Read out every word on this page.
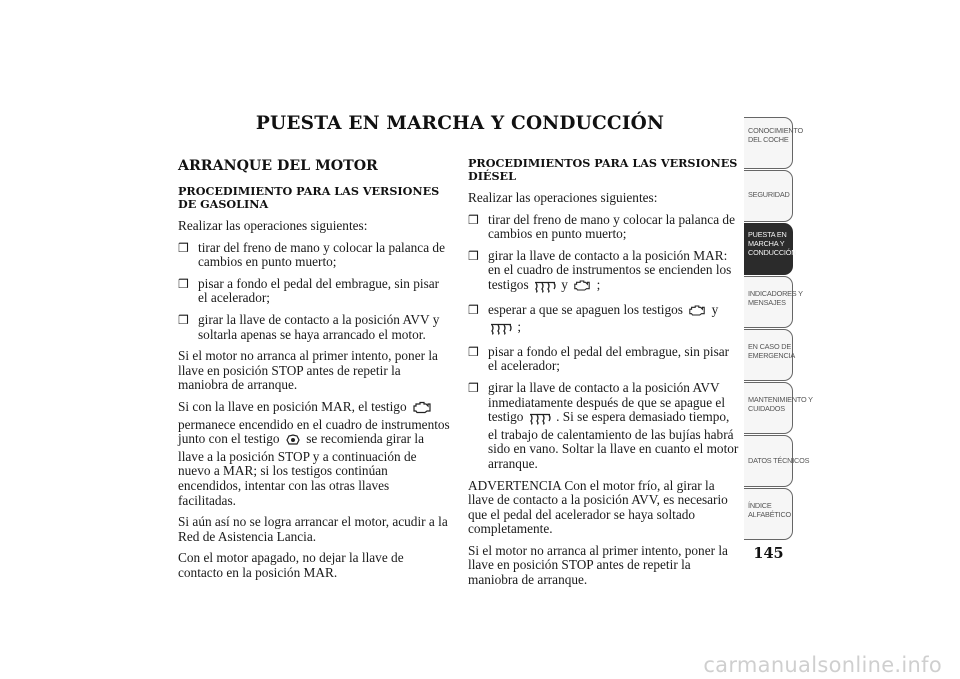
PUESTA EN MARCHA Y CONDUCCIÓN
ARRANQUE DEL MOTOR
PROCEDIMIENTO PARA LAS VERSIONES DE GASOLINA
Realizar las operaciones siguientes:
❒ tirar del freno de mano y colocar la palanca de cambios en punto muerto;
❒ pisar a fondo el pedal del embrague, sin pisar el acelerador;
❒ girar la llave de contacto a la posición AVV y soltarla apenas se haya arrancado el motor.
Si el motor no arranca al primer intento, poner la llave en posición STOP antes de repetir la maniobra de arranque.
Si con la llave en posición MAR, el testigo  permanece encendido en el cuadro de instrumentos junto con el testigo se recomienda girar la llave a la posición STOP y a continuación de nuevo a MAR; si los testigos continúan encendidos, intentar con las otras llaves facilitadas.
Si aún así no se logra arrancar el motor, acudir a la Red de Asistencia Lancia.
Con el motor apagado, no dejar la llave de contacto en la posición MAR.
PROCEDIMIENTOS PARA LAS VERSIONES DIÉSEL
Realizar las operaciones siguientes:
❒ tirar del freno de mano y colocar la palanca de cambios en punto muerto;
❒ girar la llave de contacto a la posición MAR: en el cuadro de instrumentos se encienden los testigos y ;
❒ esperar a que se apaguen los testigos y  ;
❒ pisar a fondo el pedal del embrague, sin pisar el acelerador;
❒ girar la llave de contacto a la posición AVV inmediatamente después de que se apague el testigo . Si se espera demasiado tiempo, el trabajo de calentamiento de las bujías habrá sido en vano. Soltar la llave en cuanto el motor arranque.
ADVERTENCIA Con el motor frío, al girar la llave de contacto a la posición AVV, es necesario que el pedal del acelerador se haya soltado completamente.
Si el motor no arranca al primer intento, poner la llave en posición STOP antes de repetir la maniobra de arranque.
CONOCIMIENTO
DEL COCHE
SEGURIDAD
PUESTA EN
MARCHA Y
CONDUCCIÓN
INDICADORES Y
MENSAJES
EN CASO DE
EMERGENCIA
MANTENIMIENTO Y
CUIDADOS
DATOS TÉCNICOS
ÍNDICE
ALFABÉTICO
145
carmanualsonline.info
